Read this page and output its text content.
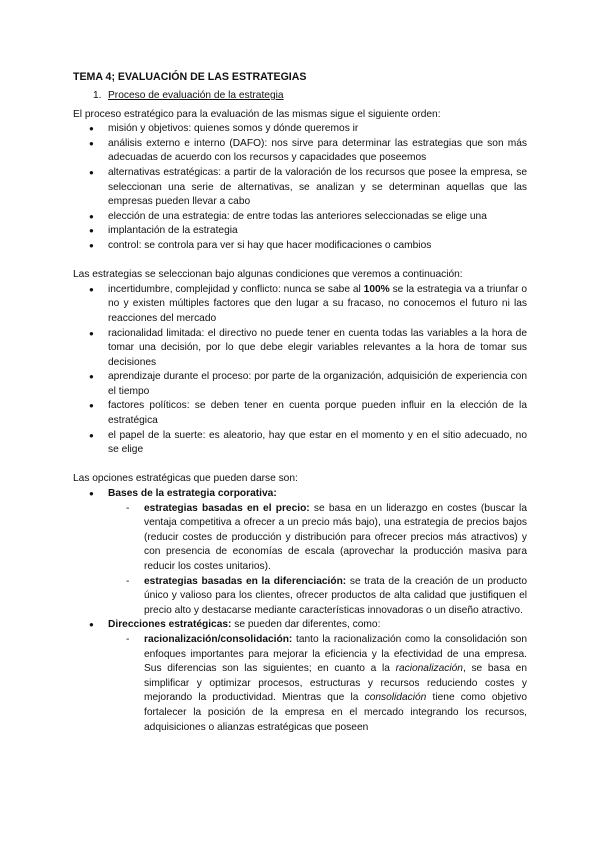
TEMA 4; EVALUACIÓN DE LAS ESTRATEGIAS
1. Proceso de evaluación de la estrategia

El proceso estratégico para la evaluación de las mismas sigue el siguiente orden:

● misión y objetivos: quienes somos y dónde queremos ir
● análisis externo e interno (DAFO): nos sirve para determinar las estrategias que son más adecuadas de acuerdo con los recursos y capacidades que poseemos
● alternativas estratégicas: a partir de la valoración de los recursos que posee la empresa, se seleccionan una serie de alternativas, se analizan y se determinan aquellas que las empresas pueden llevar a cabo
● elección de una estrategia: de entre todas las anteriores seleccionadas se elige una
● implantación de la estrategia
● control: se controla para ver si hay que hacer modificaciones o cambios

Las estrategias se seleccionan bajo algunas condiciones que veremos a continuación:

● incertidumbre, complejidad y conflicto: nunca se sabe al 100% se la estrategia va a triunfar o no y existen múltiples factores que den lugar a su fracaso, no conocemos el futuro ni las reacciones del mercado
● racionalidad limitada: el directivo no puede tener en cuenta todas las variables a la hora de tomar una decisión, por lo que debe elegir variables relevantes a la hora de tomar sus decisiones
● aprendizaje durante el proceso: por parte de la organización, adquisición de experiencia con el tiempo
● factores políticos: se deben tener en cuenta porque pueden influir en la elección de la estratégica
● el papel de la suerte: es aleatorio, hay que estar en el momento y en el sitio adecuado, no se elige

Las opciones estratégicas que pueden darse son:

● Bases de la estrategia corporativa:
- estrategias basadas en el precio: se basa en un liderazgo en costes (buscar la ventaja competitiva a ofrecer a un precio más bajo), una estrategia de precios bajos (reducir costes de producción y distribución para ofrecer precios más atractivos) y con presencia de economías de escala (aprovechar la producción masiva para reducir los costes unitarios).
- estrategias basadas en la diferenciación: se trata de la creación de un producto único y valioso para los clientes, ofrecer productos de alta calidad que justifiquen el precio alto y destacarse mediante características innovadoras o un diseño atractivo.
● Direcciones estratégicas: se pueden dar diferentes, como:
- racionalización/consolidación: tanto la racionalización como la consolidación son enfoques importantes para mejorar la eficiencia y la efectividad de una empresa. Sus diferencias son las siguientes; en cuanto a la racionalización, se basa en simplificar y optimizar procesos, estructuras y recursos reduciendo costes y mejorando la productividad. Mientras que la consolidación tiene como objetivo fortalecer la posición de la empresa en el mercado integrando los recursos, adquisiciones o alianzas estratégicas que poseen
